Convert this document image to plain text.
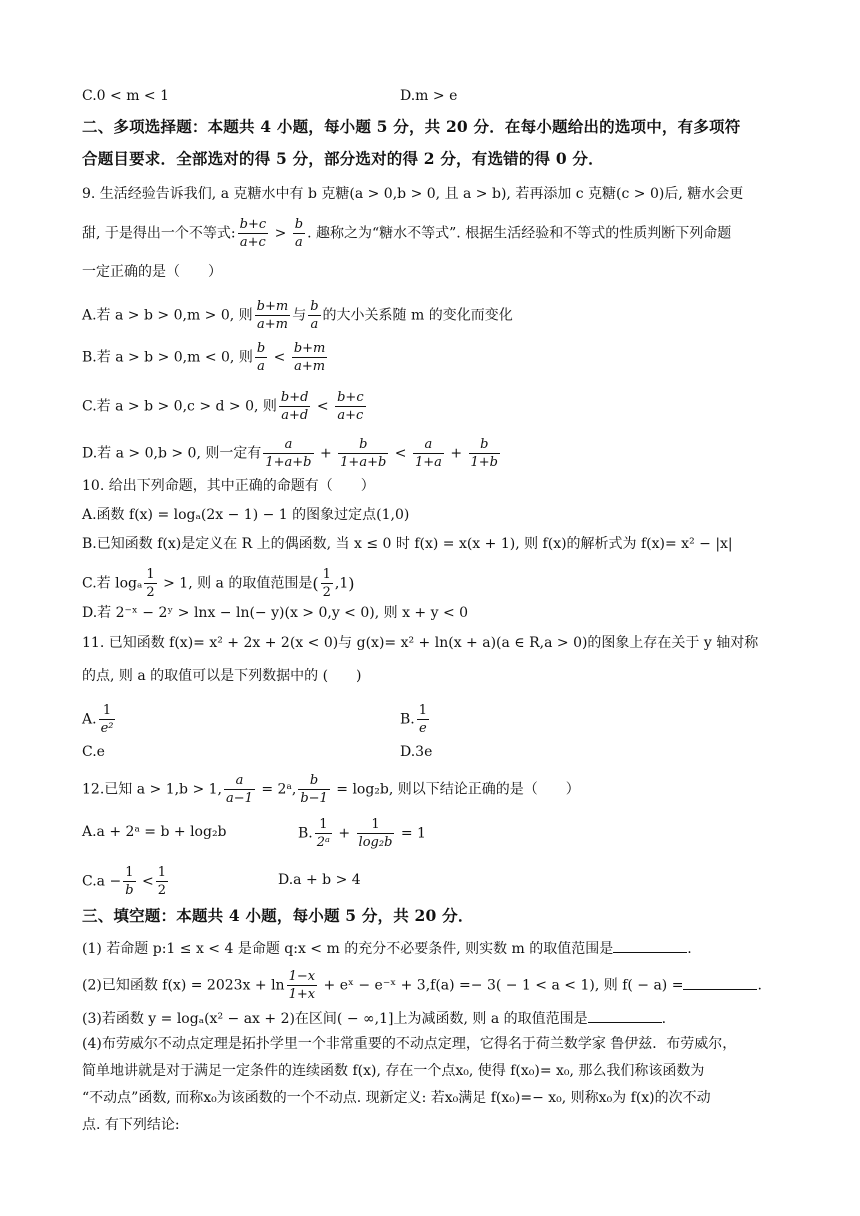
C.0 < m < 1	D.m > e
二、多项选择题：本题共 4 小题，每小题 5 分，共 20 分．在每小题给出的选项中，有多项符
合题目要求．全部选对的得 5 分，部分选对的得 2 分，有选错的得 0 分．
9. 生活经验告诉我们, a 克糖水中有 b 克糖(a > 0,b > 0, 且 a > b), 若再添加 c 克糖(c > 0)后, 糖水会更
甜, 于是得出一个不等式: $\frac{b+c}{a+c} > \frac{b}{a}$ . 趣称之为“糖水不等式”. 根据生活经验和不等式的性质判断下列命题
一定正确的是（　　）
A.若 a > b > 0,m > 0, 则 $\frac{b+m}{a+m}$ 与 $\frac{b}{a}$ 的大小关系随 m 的变化而变化
B.若 a > b > 0,m < 0, 则 $\frac{b}{a} < \frac{b+m}{a+m}$
C.若 a > b > 0,c > d > 0, 则 $\frac{b+d}{a+d} < \frac{b+c}{a+c}$
D.若 a > 0,b > 0, 则一定有 $\frac{a}{1+a+b} + \frac{b}{1+a+b} < \frac{a}{1+a} + \frac{b}{1+b}$
10. 给出下列命题，其中正确的命题有（　　）
A.函数 f(x) = logₐ(2x − 1) − 1 的图象过定点(1,0)
B.已知函数 f(x)是定义在 R 上的偶函数, 当 x ≤ 0 时 f(x) = x(x + 1), 则 f(x)的解析式为 f(x)= x² − |x|
C.若 logₐ $\frac{1}{2} > 1$, 则 a 的取值范围是( $\frac{1}{2} ,1$)
D.若 2⁻ˣ − 2ʸ > lnx − ln(− y)(x > 0,y < 0), 则 x + y < 0
11. 已知函数 f(x)= x² + 2x + 2(x < 0)与 g(x)= x² + ln(x + a)(a ∈ R,a > 0)的图象上存在关于 y 轴对称
的点, 则 a 的取值可以是下列数据中的 (　　)
A. $\frac{1}{\text{e²}}$	B. $\frac{1}{e}$
C.e	D.3e
12.已知 a > 1,b > 1, $\frac{a}{a-1}$ = 2ᵃ, $\frac{b}{b-1} = \log_2b$, 则以下结论正确的是（　　）
A.a + 2ᵃ = b + log₂b	B. $\frac{1}{\text{2ᵃ}} + \frac{1}{\text{log₂b}} = 1$
$C.a - \frac{1}{b} < \frac{1}{2}$	D.a + b > 4
三、填空题：本题共 4 小题，每小题 5 分，共 20 分．
(1) 若命题 p:1 ≤ x < 4 是命题 q:x < m 的充分不必要条件, 则实数 m 的取值范围是	.
(2)已知函数 $f(x) = 2023x + \ln \frac{1-x}{1+x}$ + eˣ − e⁻ˣ + 3,f(a) =− 3( − 1 < a < 1), 则 f( − a) =	.
(3)若函数 y = logₐ(x² − ax + 2)在区间( − ∞,1]上为减函数, 则 a 的取值范围是	.
(4)布劳威尔不动点定理是拓扑学里一个非常重要的不动点定理，它得名于荷兰数学家 鲁伊兹．布劳威尔，
简单地讲就是对于满足一定条件的连续函数 f(x), 存在一个点x₀, 使得 f(x₀)= x₀, 那么我们称该函数为
“不动点”函数, 而称x₀为该函数的一个不动点. 现新定义: 若x₀满足 f(x₀)=− x₀, 则称x₀为 f(x)的次不动
点. 有下列结论:
